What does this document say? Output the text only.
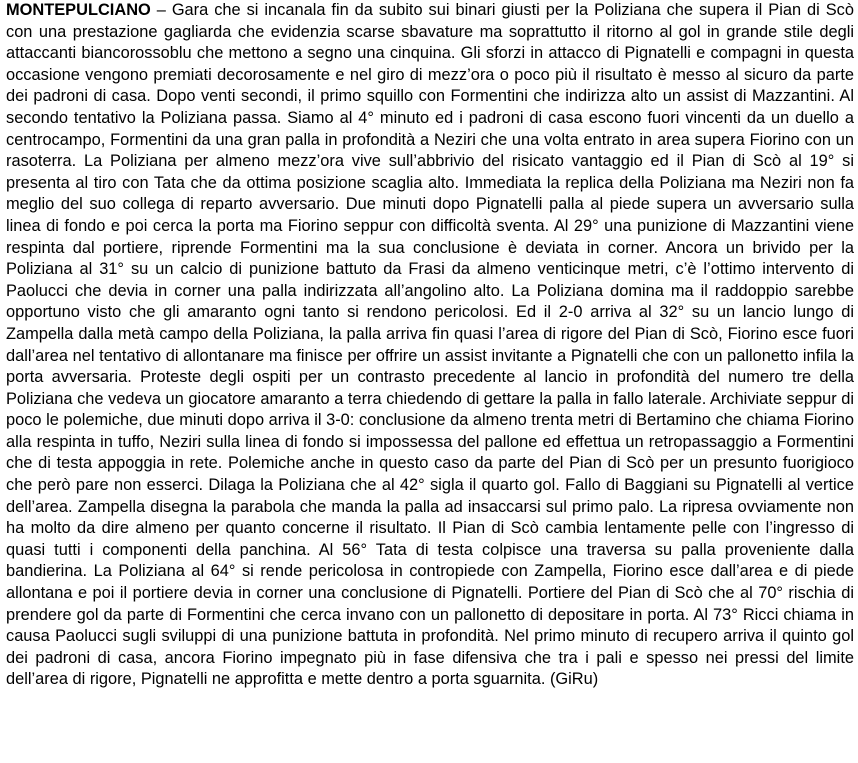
MONTEPULCIANO – Gara che si incanala fin da subito sui binari giusti per la Poliziana che supera il Pian di Scò con una prestazione gagliarda che evidenzia scarse sbavature ma soprattutto il ritorno al gol in grande stile degli attaccanti biancorossoblu che mettono a segno una cinquina. Gli sforzi in attacco di Pignatelli e compagni in questa occasione vengono premiati decorosamente e nel giro di mezz’ora o poco più il risultato è messo al sicuro da parte dei padroni di casa. Dopo venti secondi, il primo squillo con Formentini che indirizza alto un assist di Mazzantini. Al secondo tentativo la Poliziana passa. Siamo al 4° minuto ed i padroni di casa escono fuori vincenti da un duello a centrocampo, Formentini da una gran palla in profondità a Neziri che una volta entrato in area supera Fiorino con un rasoterra. La Poliziana per almeno mezz’ora vive sull’abbrivio del risicato vantaggio ed il Pian di Scò al 19° si presenta al tiro con Tata che da ottima posizione scaglia alto. Immediata la replica della Poliziana ma Neziri non fa meglio del suo collega di reparto avversario. Due minuti dopo Pignatelli palla al piede supera un avversario sulla linea di fondo e poi cerca la porta ma Fiorino seppur con difficoltà sventa. Al 29° una punizione di Mazzantini viene respinta dal portiere, riprende Formentini ma la sua conclusione è deviata in corner. Ancora un brivido per la Poliziana al 31° su un calcio di punizione battuto da Frasi da almeno venticinque metri, c’è l’ottimo intervento di Paolucci che devia in corner una palla indirizzata all’angolino alto. La Poliziana domina ma il raddoppio sarebbe opportuno visto che gli amaranto ogni tanto si rendono pericolosi. Ed il 2-0 arriva al 32° su un lancio lungo di Zampella dalla metà campo della Poliziana, la palla arriva fin quasi l’area di rigore del Pian di Scò, Fiorino esce fuori dall’area nel tentativo di allontanare ma finisce per offrire un assist invitante a Pignatelli che con un pallonetto infila la porta avversaria. Proteste degli ospiti per un contrasto precedente al lancio in profondità del numero tre della Poliziana che vedeva un giocatore amaranto a terra chiedendo di gettare la palla in fallo laterale. Archiviate seppur di poco le polemiche, due minuti dopo arriva il 3-0: conclusione da almeno trenta metri di Bertamino che chiama Fiorino alla respinta in tuffo, Neziri sulla linea di fondo si impossessa del pallone ed effettua un retropassaggio a Formentini che di testa appoggia in rete. Polemiche anche in questo caso da parte del Pian di Scò per un presunto fuorigioco che però pare non esserci. Dilaga la Poliziana che al 42° sigla il quarto gol. Fallo di Baggiani su Pignatelli al vertice dell’area. Zampella disegna la parabola che manda la palla ad insaccarsi sul primo palo. La ripresa ovviamente non ha molto da dire almeno per quanto concerne il risultato. Il Pian di Scò cambia lentamente pelle con l’ingresso di quasi tutti i componenti della panchina. Al 56° Tata di testa colpisce una traversa su palla proveniente dalla bandierina. La Poliziana al 64° si rende pericolosa in contropiede con Zampella, Fiorino esce dall’area e di piede allontana e poi il portiere devia in corner una conclusione di Pignatelli. Portiere del Pian di Scò che al 70° rischia di prendere gol da parte di Formentini che cerca invano con un pallonetto di depositare in porta. Al 73° Ricci chiama in causa Paolucci sugli sviluppi di una punizione battuta in profondità. Nel primo minuto di recupero arriva il quinto gol dei padroni di casa, ancora Fiorino impegnato più in fase difensiva che tra i pali e spesso nei pressi del limite dell’area di rigore, Pignatelli ne approfitta e mette dentro a porta sguarnita. (GiRu)
